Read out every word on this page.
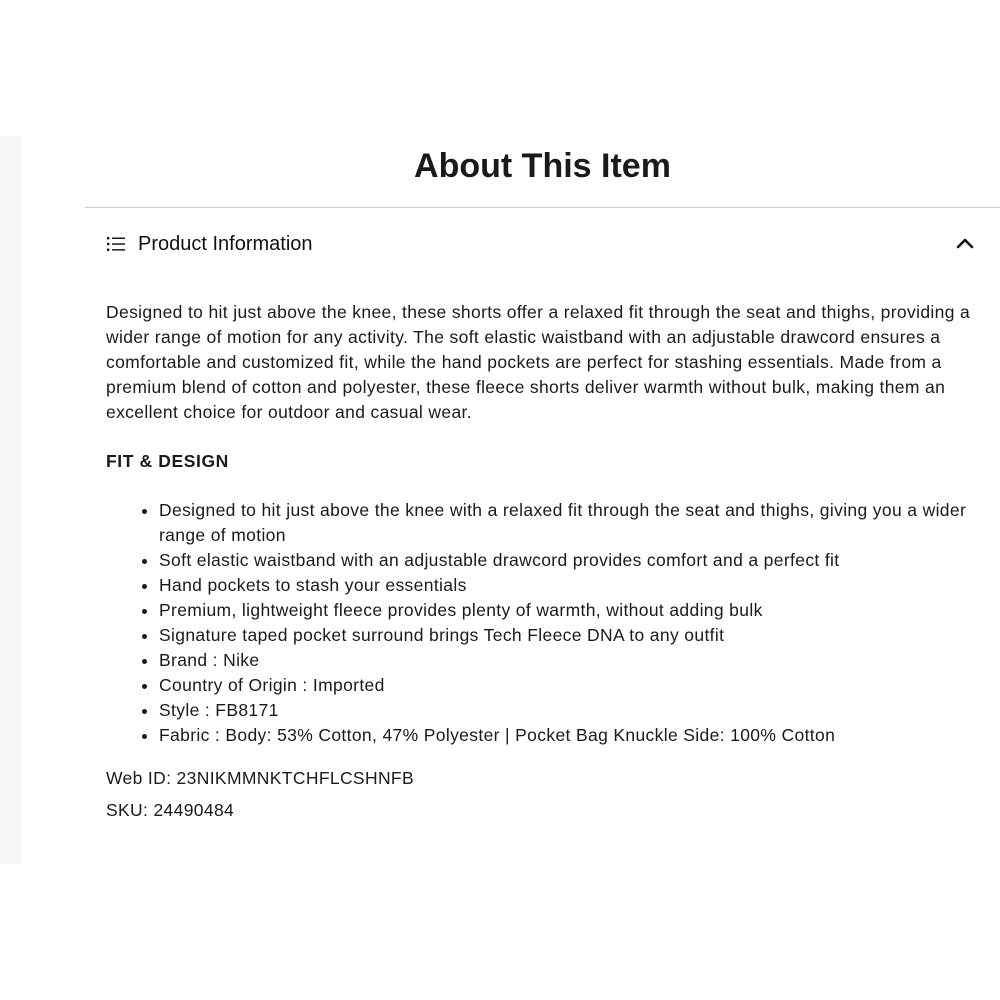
About This Item
Product Information

Designed to hit just above the knee, these shorts offer a relaxed fit through the seat and thighs, providing a wider range of motion for any activity. The soft elastic waistband with an adjustable drawcord ensures a comfortable and customized fit, while the hand pockets are perfect for stashing essentials. Made from a premium blend of cotton and polyester, these fleece shorts deliver warmth without bulk, making them an excellent choice for outdoor and casual wear.

FIT & DESIGN

• Designed to hit just above the knee with a relaxed fit through the seat and thighs, giving you a wider range of motion
• Soft elastic waistband with an adjustable drawcord provides comfort and a perfect fit
• Hand pockets to stash your essentials
• Premium, lightweight fleece provides plenty of warmth, without adding bulk
• Signature taped pocket surround brings Tech Fleece DNA to any outfit
• Brand : Nike
• Country of Origin : Imported
• Style : FB8171
• Fabric : Body: 53% Cotton, 47% Polyester | Pocket Bag Knuckle Side: 100% Cotton

Web ID: 23NIKMMNKTCHFLCSHNFB

SKU: 24490484
